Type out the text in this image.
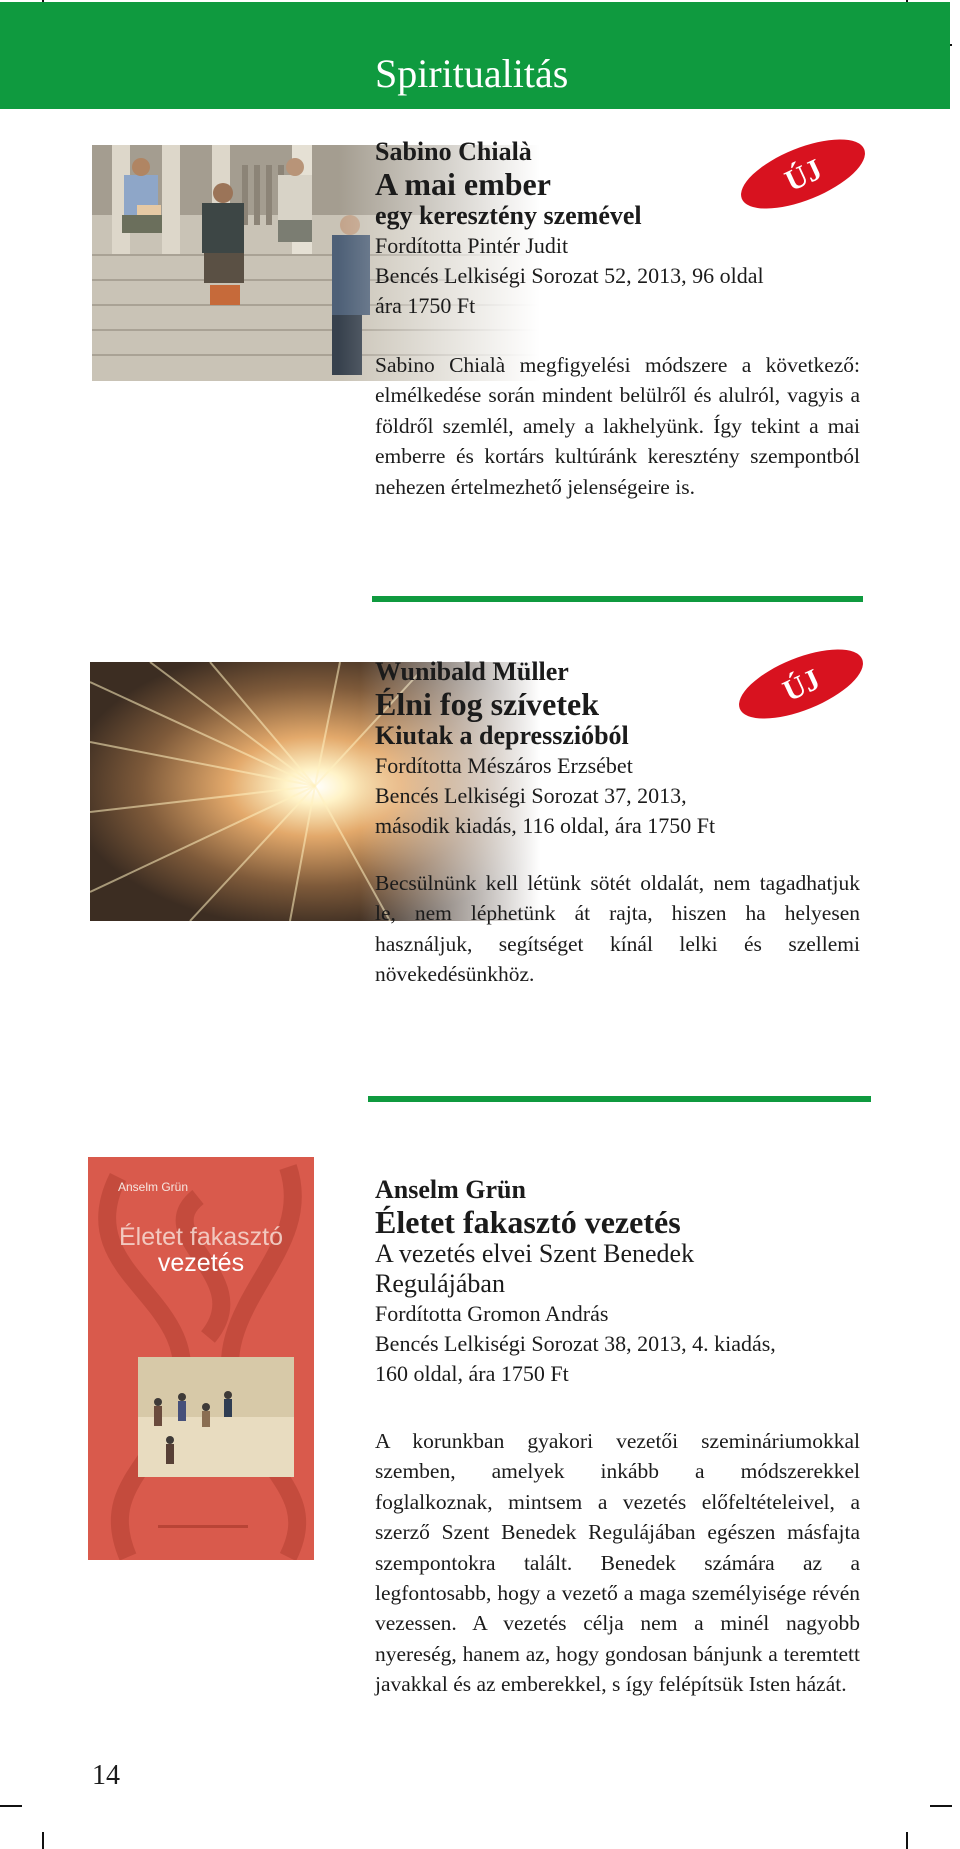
Spiritualitás
ÚJ
Sabino Chialà
A mai ember
egy keresztény szemével
Fordította Pintér Judit
Bencés Lelkiségi Sorozat 52, 2013, 96 oldal
ára 1750 Ft
Sabino Chialà megfigyelési módszere a következő: elmélkedése során mindent belülről és alulról, vagyis a földről szemlél, amely a lakhelyünk. Így tekint a mai emberre és kortárs kultúránk keresztény szempontból nehezen értelmezhető jelenségeire is.
ÚJ
Wunibald Müller
Élni fog szívetek
Kiutak a depresszióból
Fordította Mészáros Erzsébet
Bencés Lelkiségi Sorozat 37, 2013,
második kiadás, 116 oldal, ára 1750 Ft
Becsülnünk kell létünk sötét oldalát, nem tagadhatjuk le, nem léphetünk át rajta, hiszen ha helyesen használjuk, segítséget kínál lelki és szellemi növekedésünkhöz.
Anselm Grün
Életet fakasztó
vezetés
Anselm Grün
Életet fakasztó vezetés
A vezetés elvei Szent Benedek
Regulájában
Fordította Gromon András
Bencés Lelkiségi Sorozat 38, 2013, 4. kiadás,
160 oldal, ára 1750 Ft
A korunkban gyakori vezetői szemináriumokkal szemben, amelyek inkább a módszerekkel foglalkoznak, mintsem a vezetés előfeltételeivel, a szerző Szent Benedek Regulájában egészen másfajta szempontokra talált. Benedek számára az a legfontosabb, hogy a vezető a maga személyisége révén vezessen. A vezetés célja nem a minél nagyobb nyereség, hanem az, hogy gondosan bánjunk a teremtett javakkal és az emberekkel, s így felépítsük Isten házát.
14
